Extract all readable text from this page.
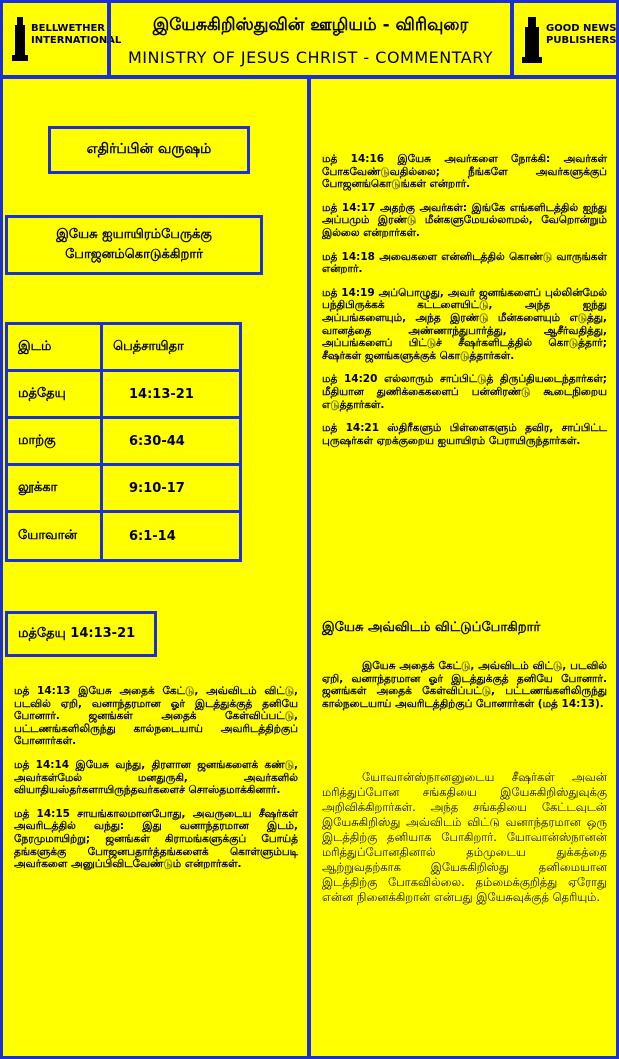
BELLWETHER INTERNATIONAL
இயேசுகிறிஸ்துவின் ஊழியம் - விரிவுரை
MINISTRY OF JESUS CHRIST - COMMENTARY
GOOD NEWS PUBLISHERS
எதிர்ப்பின் வருஷம்
இயேசு ஐயாயிரம்பேருக்கு போஜனம்கொடுக்கிறார்
இடம்	பெத்சாயிதா
மத்தேயு	14:13-21
மாற்கு	6:30-44
லூக்கா	9:10-17
யோவான்	6:1-14
மத்தேயு 14:13-21

மத் 14:13 இயேசு அதைக் கேட்டு, அவ்விடம் விட்டு, படவில் ஏறி, வனாந்தரமான ஓர் இடத்துக்குத் தனியே போனார். ஜனங்கள் அதைக் கேள்விப்பட்டு, பட்டணங்களிலிருந்து கால்நடையாய் அவரிடத்திற்குப் போனார்கள்.

மத் 14:14 இயேசு வந்து, திரளான ஜனங்களைக் கண்டு, அவர்கள்மேல் மனதுருகி, அவர்களில் வியாதியஸ்தர்களாயிருந்தவர்களைச் சொஸ்தமாக்கினார்.

மத் 14:15 சாயங்காலமானபோது, அவருடைய சீஷர்கள் அவரிடத்தில் வந்து: இது வனாந்தரமான இடம், நேரமுமாயிற்று; ஜனங்கள் கிராமங்களுக்குப் போய்த் தங்களுக்கு போஜனபதார்த்தங்களைக் கொள்ளும்படி அவர்களை அனுப்பிவிடவேண்டும் என்றார்கள்.

மத் 14:16 இயேசு அவர்களை நோக்கி: அவர்கள் போகவேண்டுவதில்லை; நீங்களே அவர்களுக்குப் போஜனங்கொடுங்கள் என்றார்.

மத் 14:17 அதற்கு அவர்கள்: இங்கே எங்களிடத்தில் ஐந்து அப்பமும் இரண்டு மீன்களுமேயல்லாமல், வேறொன்றும் இல்லை என்றார்கள்.

மத் 14:18 அவைகளை என்னிடத்தில் கொண்டு வாருங்கள் என்றார்.

மத் 14:19 அப்பொழுது, அவர் ஜனங்களைப் புல்லின்மேல் பந்திபிருக்கக் கட்டளையிட்டு, அந்த ஐந்து அப்பங்களையும், அந்த இரண்டு மீன்களையும் எடுத்து, வானத்தை அண்ணாந்துபார்த்து, ஆசீர்வதித்து, அப்பங்களைப் பிட்டுச் சீஷர்களிடத்தில் கொடுத்தார்; சீஷர்கள் ஜனங்களுக்குக் கொடுத்தார்கள்.

மத் 14:20 எல்லாரும் சாப்பிட்டுத் திருப்தியடைந்தார்கள்; மீதியான துணிக்கைகளைப் பன்னிரண்டு கூடைநிறைய எடுத்தார்கள்.

மத் 14:21 ஸ்திரீகளும் பிள்ளைகளும் தவிர, சாப்பிட்ட புருஷர்கள் ஏறக்குறைய ஐயாயிரம் பேராயிருந்தார்கள்.

இயேசு அவ்விடம் விட்டுப்போகிறார்
இயேசு அதைக் கேட்டு, அவ்விடம் விட்டு, படவில் ஏறி, வனாந்தரமான ஓர் இடத்துக்குத் தனியே போனார். ஜனங்கள் அதைக் கேள்விப்பட்டு, பட்டணங்களிலிருந்து கால்நடையாய் அவரிடத்திற்குப் போனார்கள் (மத் 14:13).
யோவான்ஸ்நானனுடைய சீஷர்கள் அவன் மரித்துப்போன சங்கதியை இயேசுகிறிஸ்துவுக்கு அறிவிக்கிறார்கள். அந்த சங்கதியை கேட்டவுடன் இயேசுகிறிஸ்து அவ்விடம் விட்டு வனாந்தரமான ஒரு இடத்திற்கு தனியாக போகிறார். யோவான்ஸ்நானன் மரித்துப்போனதினால் தம்முடைய துக்கத்தை ஆற்றுவதற்காக இயேசுகிறிஸ்து தனிமையான இடத்திற்கு போகவில்லை. தம்மைக்குறித்து ஏரோது என்ன நினைக்கிறான் என்பது இயேசுவுக்குத் தெரியும்.
